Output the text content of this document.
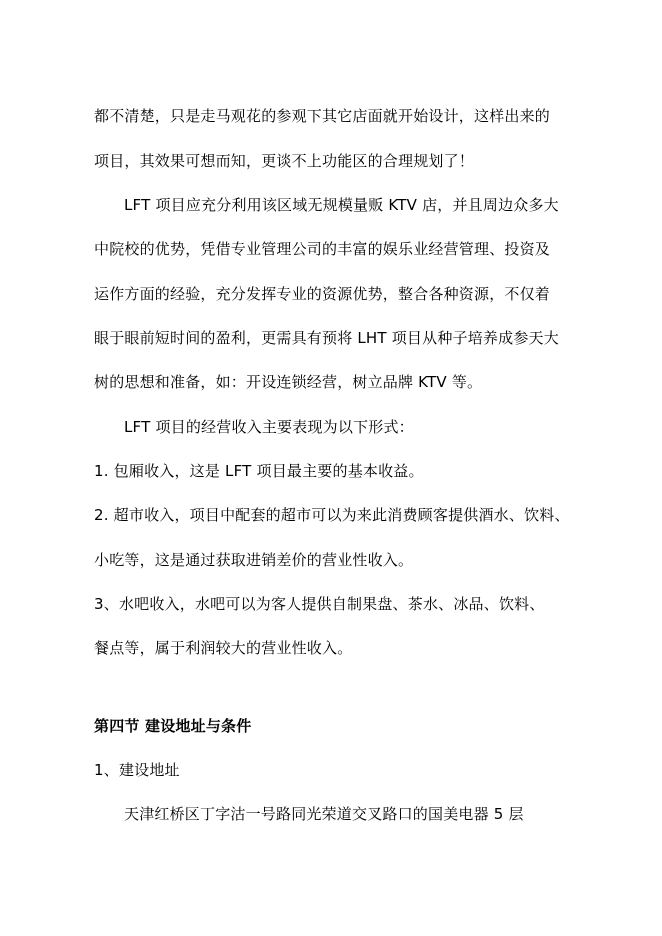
都不清楚，只是走马观花的参观下其它店面就开始设计，这样出来的
项目，其效果可想而知，更谈不上功能区的合理规划了！
LFT 项目应充分利用该区域无规模量贩 KTV 店，并且周边众多大
中院校的优势，凭借专业管理公司的丰富的娱乐业经营管理、投资及
运作方面的经验，充分发挥专业的资源优势，整合各种资源，不仅着
眼于眼前短时间的盈利，更需具有预将 LHT 项目从种子培养成参天大
树的思想和准备，如：开设连锁经营，树立品牌 KTV 等。
LFT 项目的经营收入主要表现为以下形式：
1. 包厢收入，这是 LFT 项目最主要的基本收益。
2. 超市收入，项目中配套的超市可以为来此消费顾客提供酒水、饮料、
小吃等，这是通过获取进销差价的营业性收入。
3、水吧收入，水吧可以为客人提供自制果盘、茶水、冰品、饮料、
餐点等，属于利润较大的营业性收入。
第四节 建设地址与条件
1、建设地址
天津红桥区丁字沽一号路同光荣道交叉路口的国美电器 5 层
